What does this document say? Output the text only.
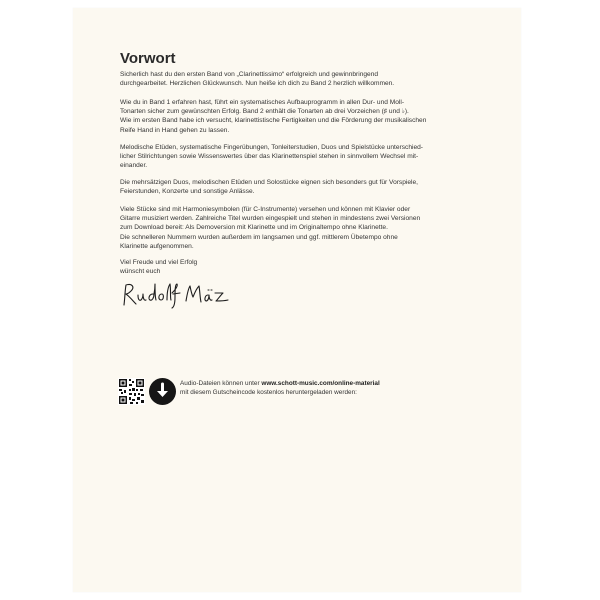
Vorwort
Sicherlich hast du den ersten Band von „Clarinettissimo“ erfolgreich und gewinnbringend
durchgearbeitet. Herzlichen Glückwunsch. Nun heiße ich dich zu Band 2 herzlich willkommen.
Wie du in Band 1 erfahren hast, führt ein systematisches Aufbauprogramm in allen Dur- und Moll-
Tonarten sicher zum gewünschten Erfolg. Band 2 enthält die Tonarten ab drei Vorzeichen (♯ und ♭).
Wie im ersten Band habe ich versucht, klarinettistische Fertigkeiten und die Förderung der musikalischen
Reife Hand in Hand gehen zu lassen.
Melodische Etüden, systematische Fingerübungen, Tonleiterstudien, Duos und Spielstücke unterschied-
licher Stilrichtungen sowie Wissenswertes über das Klarinettenspiel stehen in sinnvollem Wechsel mit-
einander.
Die mehrsätzigen Duos, melodischen Etüden und Solostücke eignen sich besonders gut für Vorspiele,
Feierstunden, Konzerte und sonstige Anlässe.
Viele Stücke sind mit Harmoniesymbolen (für C-Instrumente) versehen und können mit Klavier oder
Gitarre musiziert werden. Zahlreiche Titel wurden eingespielt und stehen in mindestens zwei Versionen
zum Download bereit: Als Demoversion mit Klarinette und im Originaltempo ohne Klarinette.
Die schnelleren Nummern wurden außerdem im langsamen und ggf. mittlerem Übetempo ohne
Klarinette aufgenommen.
Viel Freude und viel Erfolg
wünscht euch

Audio-Dateien können unter www.schott-music.com/online-material
mit diesem Gutscheincode kostenlos heruntergeladen werden:
